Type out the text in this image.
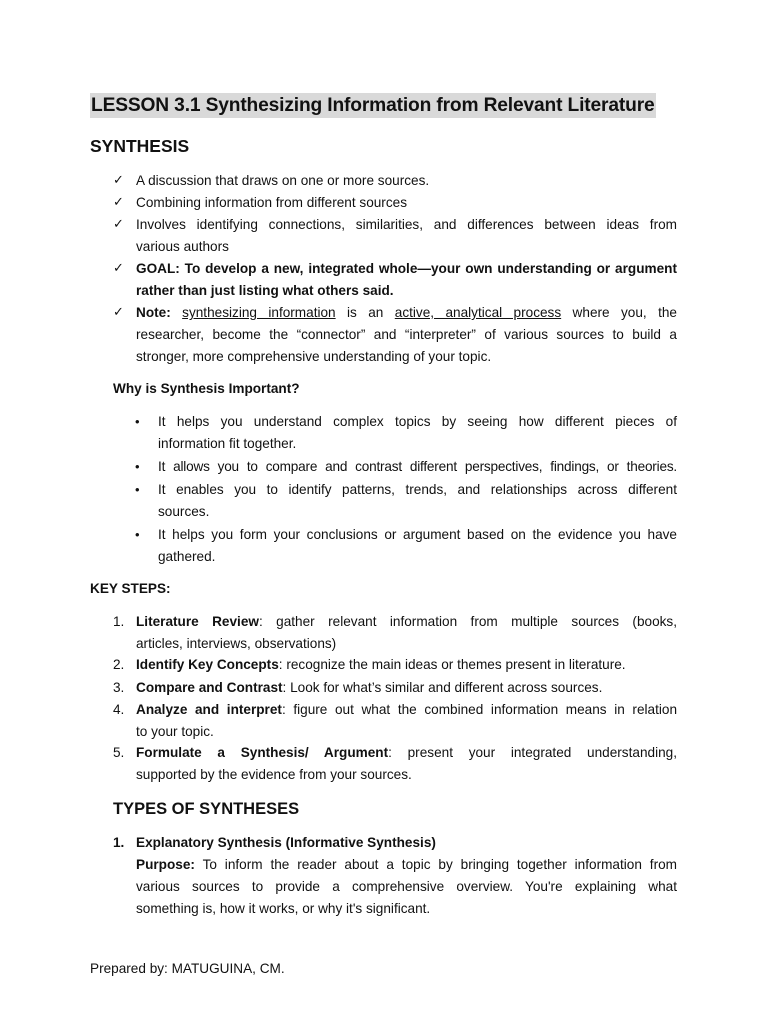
LESSON 3.1 Synthesizing Information from Relevant Literature
SYNTHESIS
✓ A discussion that draws on one or more sources.

✓ Combining information from different sources

✓ Involves identifying connections, similarities, and differences between ideas from
various authors

✓ GOAL: To develop a new, integrated whole—your own understanding or argument
rather than just listing what others said.

✓ Note: synthesizing information is an active, analytical process where you, the
researcher, become the “connector” and “interpreter” of various sources to build a
stronger, more comprehensive understanding of your topic.

Why is Synthesis Important?

• It helps you understand complex topics by seeing how different pieces of
information fit together.

• It allows you to compare and contrast different perspectives, findings, or theories.

• It enables you to identify patterns, trends, and relationships across different
sources.

• It helps you form your conclusions or argument based on the evidence you have
gathered.

KEY STEPS:

1. Literature Review: gather relevant information from multiple sources (books,
articles, interviews, observations)

2. Identify Key Concepts: recognize the main ideas or themes present in literature.

3. Compare and Contrast: Look for what’s similar and different across sources.

4. Analyze and interpret: figure out what the combined information means in relation
to your topic.

5. Formulate a Synthesis/ Argument: present your integrated understanding,
supported by the evidence from your sources.

TYPES OF SYNTHESES
1. Explanatory Synthesis (Informative Synthesis)
Purpose: To inform the reader about a topic by bringing together information from
various sources to provide a comprehensive overview. You're explaining what
something is, how it works, or why it's significant.

Prepared by: MATUGUINA, CM.
